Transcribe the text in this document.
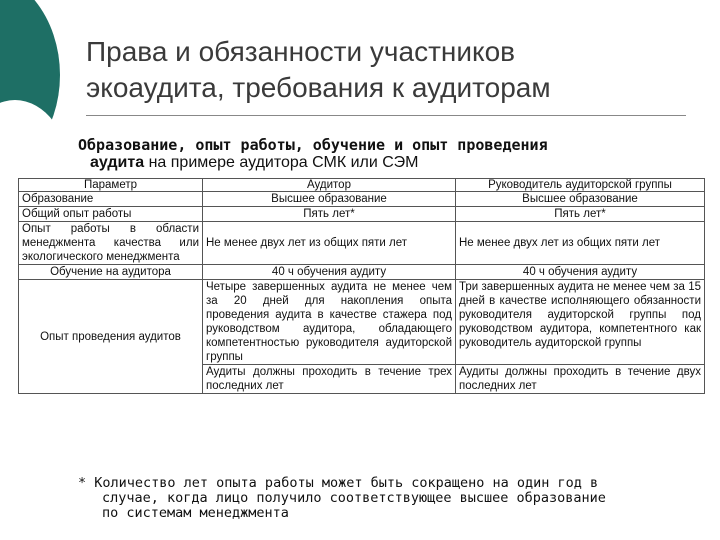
Права и обязанности участников
экоаудита, требования к аудиторам
Образование, опыт работы, обучение и опыт проведения
аудита на примере аудитора СМК или СЭМ
Параметр	Аудитор	Руководитель аудиторской группы
Образование	Высшее образование	Высшее образование
Общий опыт работы	Пять лет*	Пять лет*
Опыт работы в области менеджмента качества или экологического менеджмента	Не менее двух лет из общих пяти лет	Не менее двух лет из общих пяти лет
Обучение на аудитора	40 ч обучения аудиту	40 ч обучения аудиту
Опыт проведения аудитов	Четыре завершенных аудита не менее чем за 20 дней для накопления опыта проведения аудита в качестве стажера под руководством аудитора, обладающего компетентностью руководителя аудиторской группы	Три завершенных аудита не менее чем за 15 дней в качестве исполняющего обязанности руководителя аудиторской группы под руководством аудитора, компетентного как руководитель аудиторской группы
	Аудиты должны проходить в течение трех последних лет	Аудиты должны проходить в течение двух последних лет
* Количество лет опыта работы может быть сокращено на один год в
случае, когда лицо получило соответствующее высшее образование
по системам менеджмента
